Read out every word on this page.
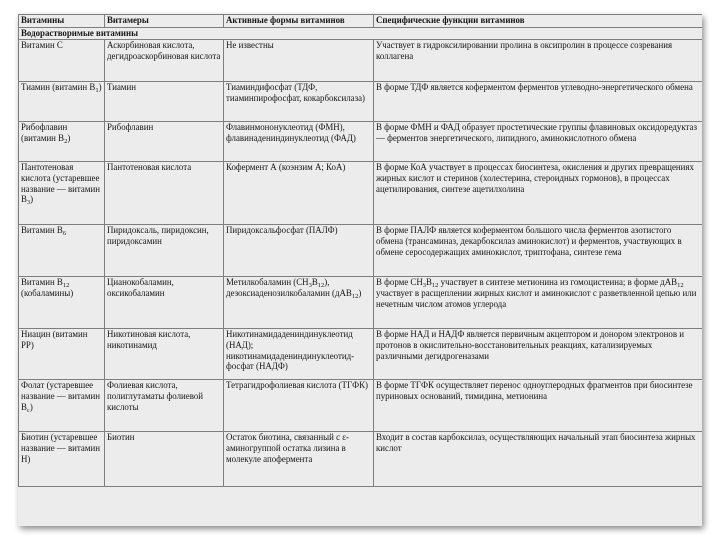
Витамины	Витамеры	Активные формы витаминов	Специфические функции витаминов
Водорастворимые витамины			
Витамин С	Аскорбиновая кислота, дегидроаскорбиновая кислота	Не известны	Участвует в гидроксилировании пролина в оксипролин в процессе созревания коллагена
Тиамин (витамин $B_1$)	Тиамин	Тиаминдифосфат (ТДФ, тиаминпирофосфат, кокарбоксилаза)	В форме ТДФ является коферментом ферментов углеводно-энергетического обмена
Рибофлавин (витамин $B_2$)	Рибофлавин	Флавинмононуклеотид (ФМН), флавинадениндинуклеотид (ФАД)	В форме ФМН и ФАД образует простетические группы флавиновых оксидоредуктаз — ферментов энергетического, липидного, аминокислотного обмена
Пантотеновая кислота (устаревшее название — витамин $B_3$)	Пантотеновая кислота	Кофермент А (коэнзим А; КоА)	В форме КоА участвует в процессах биосинтеза, окисления и других превращениях жирных кислот и стеринов (холестерина, стероидных гормонов), в процессах ацетилирования, синтезе ацетилхолина
Витамин $B_6$	Пиридоксаль, пиридоксин, пиридоксамин	Пиридоксальфосфат (ПАЛФ)	В форме ПАЛФ является коферментом большого числа ферментов азотистого обмена (трансаминаз, декарбоксилаз аминокислот) и ферментов, участвующих в обмене серосодержащих аминокислот, триптофана, синтезе гема
Витамин $B_{12}$ (кобаламины)	Цианокобаламин, оксикобаламин	Метилкобаламин $(CH_3B_{12})$, дезоксиаденозилкобаламин (дАB$_{12}$)	В форме $CH_3B_{12}$ участвует в синтезе метионина из гомоцистеина; в форме дАB$_{12}$ участвует в расщеплении жирных кислот и аминокислот с разветвленной цепью или нечетным числом атомов углерода
Ниацин (витамин PP)	Никотиновая кислота, никотинамид	Никотинамидадениндинуклеотид (НАД); никотинамидадениндинуклеотид-фосфат (НАДФ)	В форме НАД и НАДФ является первичным акцептором и донором электронов и протонов в окислительно-восстановительных реакциях, катализируемых различными дегидрогеназами
Фолат (устаревшее название — витамин $B_c$)	Фолиевая кислота, полиглутаматы фолиевой кислоты	Тетрагидрофолиевая кислота (ТГФК)	В форме ТГФК осуществляет перенос одноуглеродных фрагментов при биосинтезе пуриновых оснований, тимидина, метионина
Биотин (устаревшее название — витамин H)	Биотин	Остаток биотина, связанный с ε-аминогруппой остатка лизина в молекуле апофермента	Входит в состав карбоксилаз, осуществляющих начальный этап биосинтеза жирных кислот
